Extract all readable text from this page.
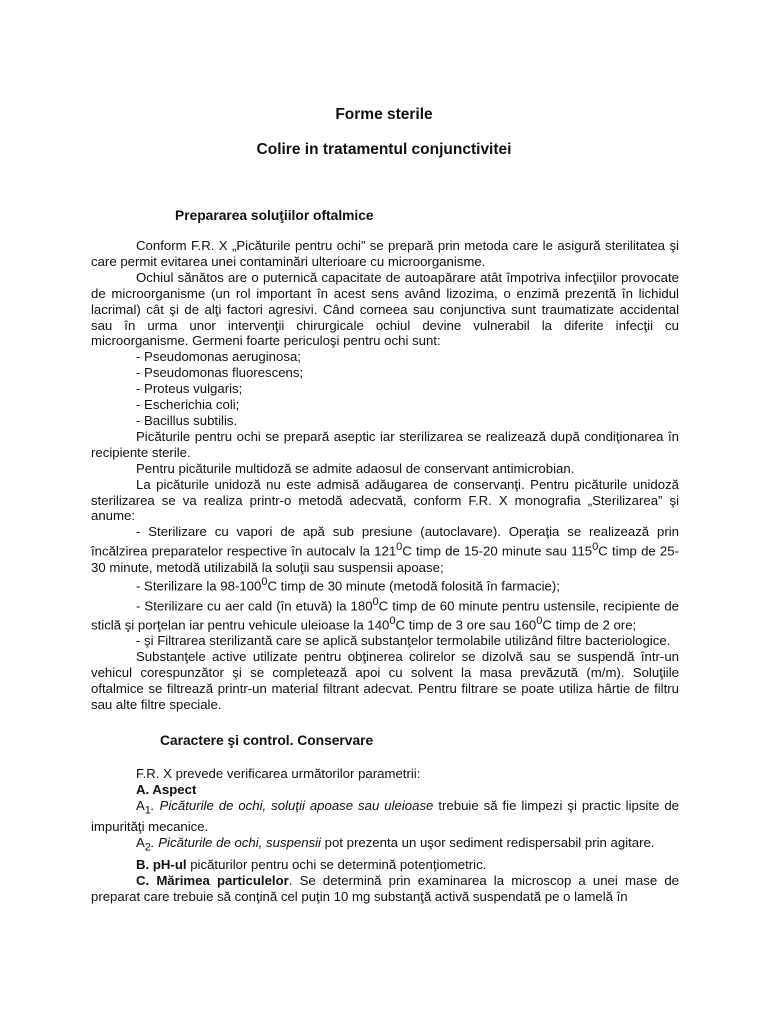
Forme sterile
Colire in tratamentul conjunctivitei
Prepararea soluţiilor oftalmice

Conform F.R. X „Picăturile pentru ochi” se prepară prin metoda care le asigură sterilitatea şi care permit evitarea unei contaminări ulterioare cu microorganisme.

Ochiul sănătos are o puternică capacitate de autoapărare atât împotriva infecţiilor provocate de microorganisme (un rol important în acest sens având lizozima, o enzimă prezentă în lichidul lacrimal) cât şi de alţi factori agresivi. Când corneea sau conjunctiva sunt traumatizate accidental sau în urma unor intervenţii chirurgicale ochiul devine vulnerabil la diferite infecţii cu microorganisme. Germeni foarte periculoşi pentru ochi sunt:

- Pseudomonas aeruginosa;

- Pseudomonas fluorescens;

- Proteus vulgaris;

- Escherichia coli;

- Bacillus subtilis.

Picăturile pentru ochi se prepară aseptic iar sterilizarea se realizează după condiţionarea în recipiente sterile.

Pentru picăturile multidoză se admite adaosul de conservant antimicrobian.

La picăturile unidoză nu este admisă adăugarea de conservanţi. Pentru picăturile unidoză sterilizarea se va realiza printr-o metodă adecvată, conform F.R. X monografia „Sterilizarea” şi anume:

- Sterilizare cu vapori de apă sub presiune (autoclavare). Operaţia se realizează prin încălzirea preparatelor respective în autocalv la $121^0C$ timp de 15-20 minute sau $115^0C$ timp de 25-30 minute, metodă utilizabilă la soluţii sau suspensii apoase;

- Sterilizare la $98-100^0C$ timp de 30 minute (metodă folosită în farmacie);

- Sterilizare cu aer cald (în etuvă) la $180^0C$ timp de 60 minute pentru ustensile, recipiente de sticlă şi porţelan iar pentru vehicule uleioase la $140^0C$ timp de 3 ore sau $160^0C$ timp de 2 ore;

- şi Filtrarea sterilizantă care se aplică substanţelor termolabile utilizând filtre bacteriologice.

Substanţele active utilizate pentru obţinerea colirelor se dizolvă sau se suspendă într-un vehicul corespunzător şi se completează apoi cu solvent la masa prevăzută (m/m). Soluţiile oftalmice se filtrează printr-un material filtrant adecvat. Pentru filtrare se poate utiliza hârtie de filtru sau alte filtre speciale.

Caractere şi control. Conservare

F.R. X prevede verificarea următorilor parametrii:

A. Aspect

$A_1$. Picăturile de ochi, soluţii apoase sau uleioase trebuie să fie limpezi şi practic lipsite de impurităţi mecanice.

$A_2$. Picăturile de ochi, suspensii pot prezenta un uşor sediment redispersabil prin agitare.

B. pH-ul picăturilor pentru ochi se determină potenţiometric.

C. Mărimea particulelor. Se determină prin examinarea la microscop a unei mase de preparat care trebuie să conţină cel puţin 10 mg substanţă activă suspendată pe o lamelă în
